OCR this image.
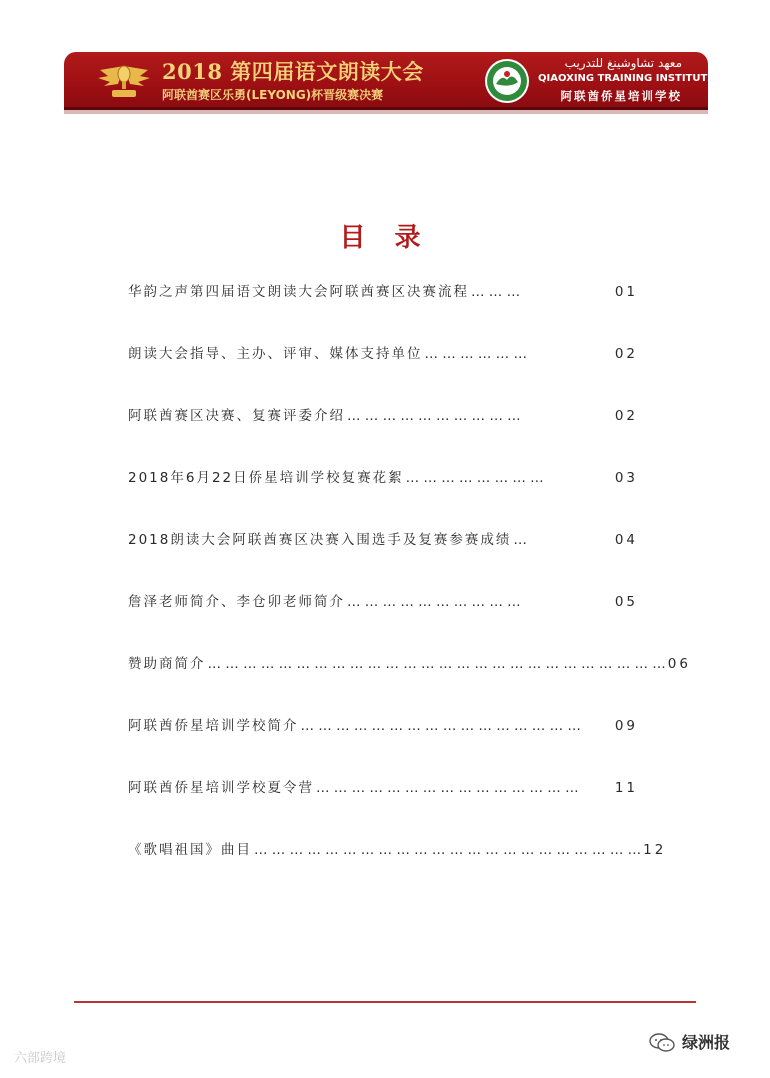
2018 第四届语文朗读大会
阿联酋赛区乐勇(LEYONG)杯晋级赛决赛
معهد تشاوشينغ للتدريب
QIAOXING TRAINING INSTITUTE
阿联酋侨星培训学校
目 录
华韵之声第四届语文朗读大会阿联酋赛区决赛流程 … … …	01
朗读大会指导、主办、评审、媒体支持单位 … … … … … …	02
阿联酋赛区决赛、复赛评委介绍 … … … … … … … … … …	02
2018年6月22日侨星培训学校复赛花絮 … … … … … … … …	03
2018朗读大会阿联酋赛区决赛入围选手及复赛参赛成绩 …	04
詹泽老师简介、李仓卯老师简介 … … … … … … … … … …	05
赞助商简介 … … … … … … … … … … … … … … … … … … … … … … … … … … 06
阿联酋侨星培训学校简介 … … … … … … … … … … … … … … … …	09
阿联酋侨星培训学校夏令营 … … … … … … … … … … … … … … …	11
《歌唱祖国》曲目 … … … … … … … … … … … … … … … … … … … … … … 12
六部跨境
绿洲报
